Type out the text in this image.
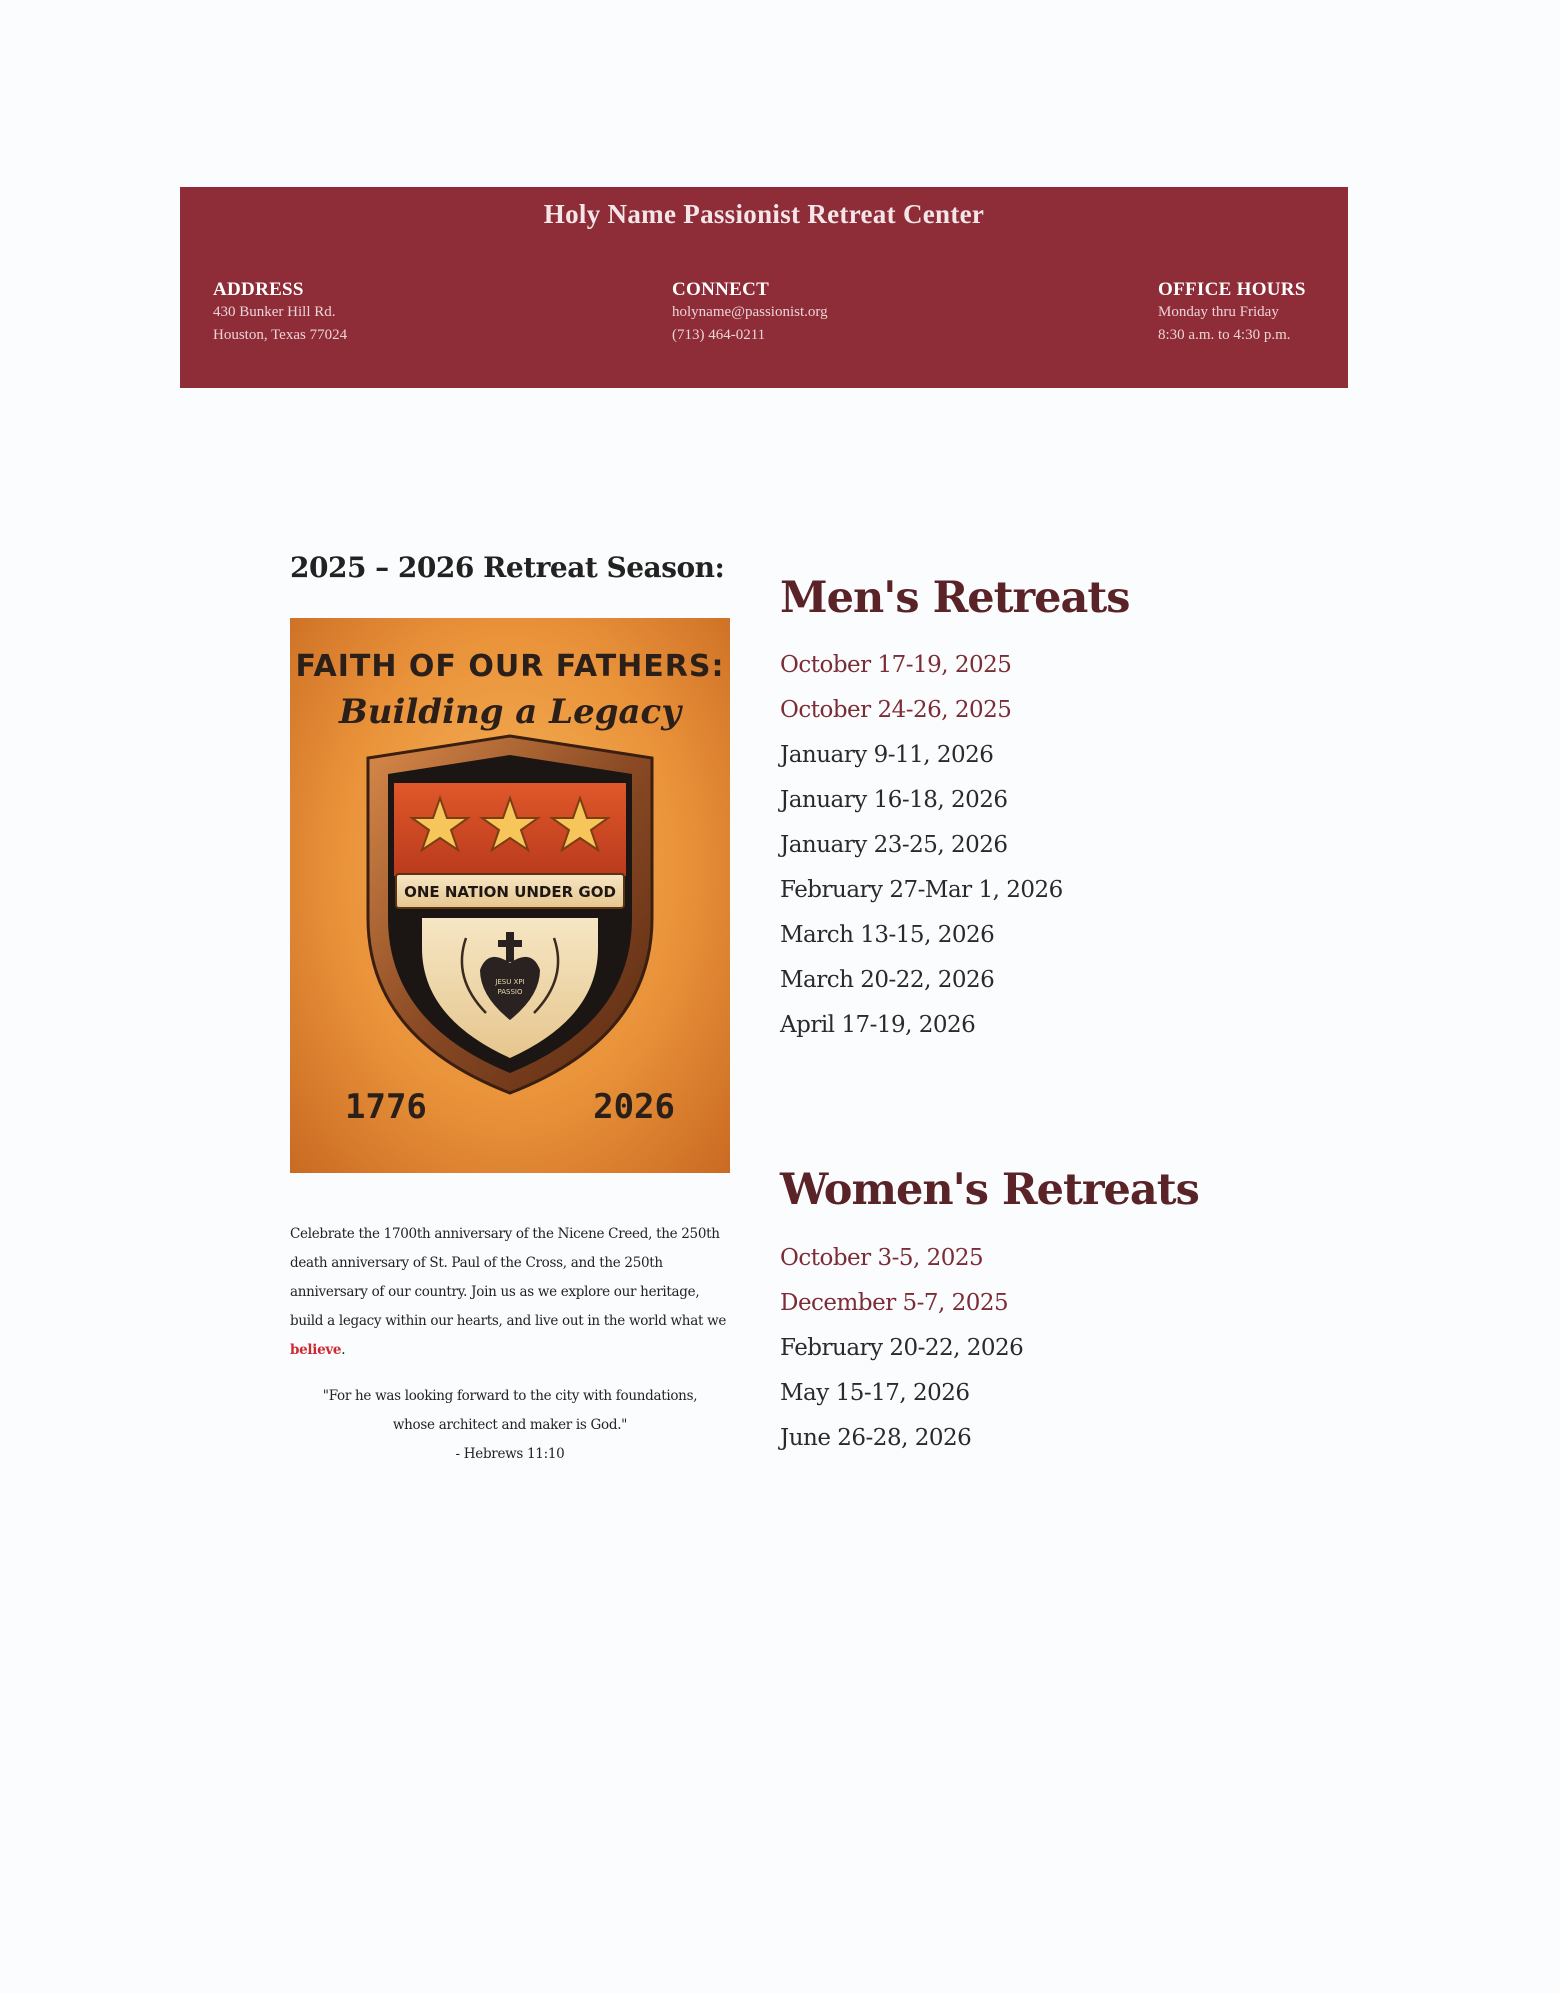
Holy Name Passionist Retreat Center
ADDRESS
430 Bunker Hill Rd.
Houston, Texas 77024
CONNECT
holyname@passionist.org
(713) 464-0211
OFFICE HOURS
Monday thru Friday
8:30 a.m. to 4:30 p.m.
2025 – 2026 Retreat Season:
FAITH OF OUR FATHERS:
Building a Legacy
ONE NATION UNDER GOD
JESU XPI
PASSIO
1776	2026

Celebrate the 1700th anniversary of the Nicene Creed, the 250th death anniversary of St. Paul of the Cross, and the 250th anniversary of our country. Join us as we explore our heritage, build a legacy within our hearts, and live out in the world what we believe.

"For he was looking forward to the city with foundations,
whose architect and maker is God."
- Hebrews 11:10
Men's Retreats
October 17-19, 2025
October 24-26, 2025
January 9-11, 2026
January 16-18, 2026
January 23-25, 2026
February 27-Mar 1, 2026
March 13-15, 2026
March 20-22, 2026
April 17-19, 2026
Women's Retreats
October 3-5, 2025
December 5-7, 2025
February 20-22, 2026
May 15-17, 2026
June 26-28, 2026
